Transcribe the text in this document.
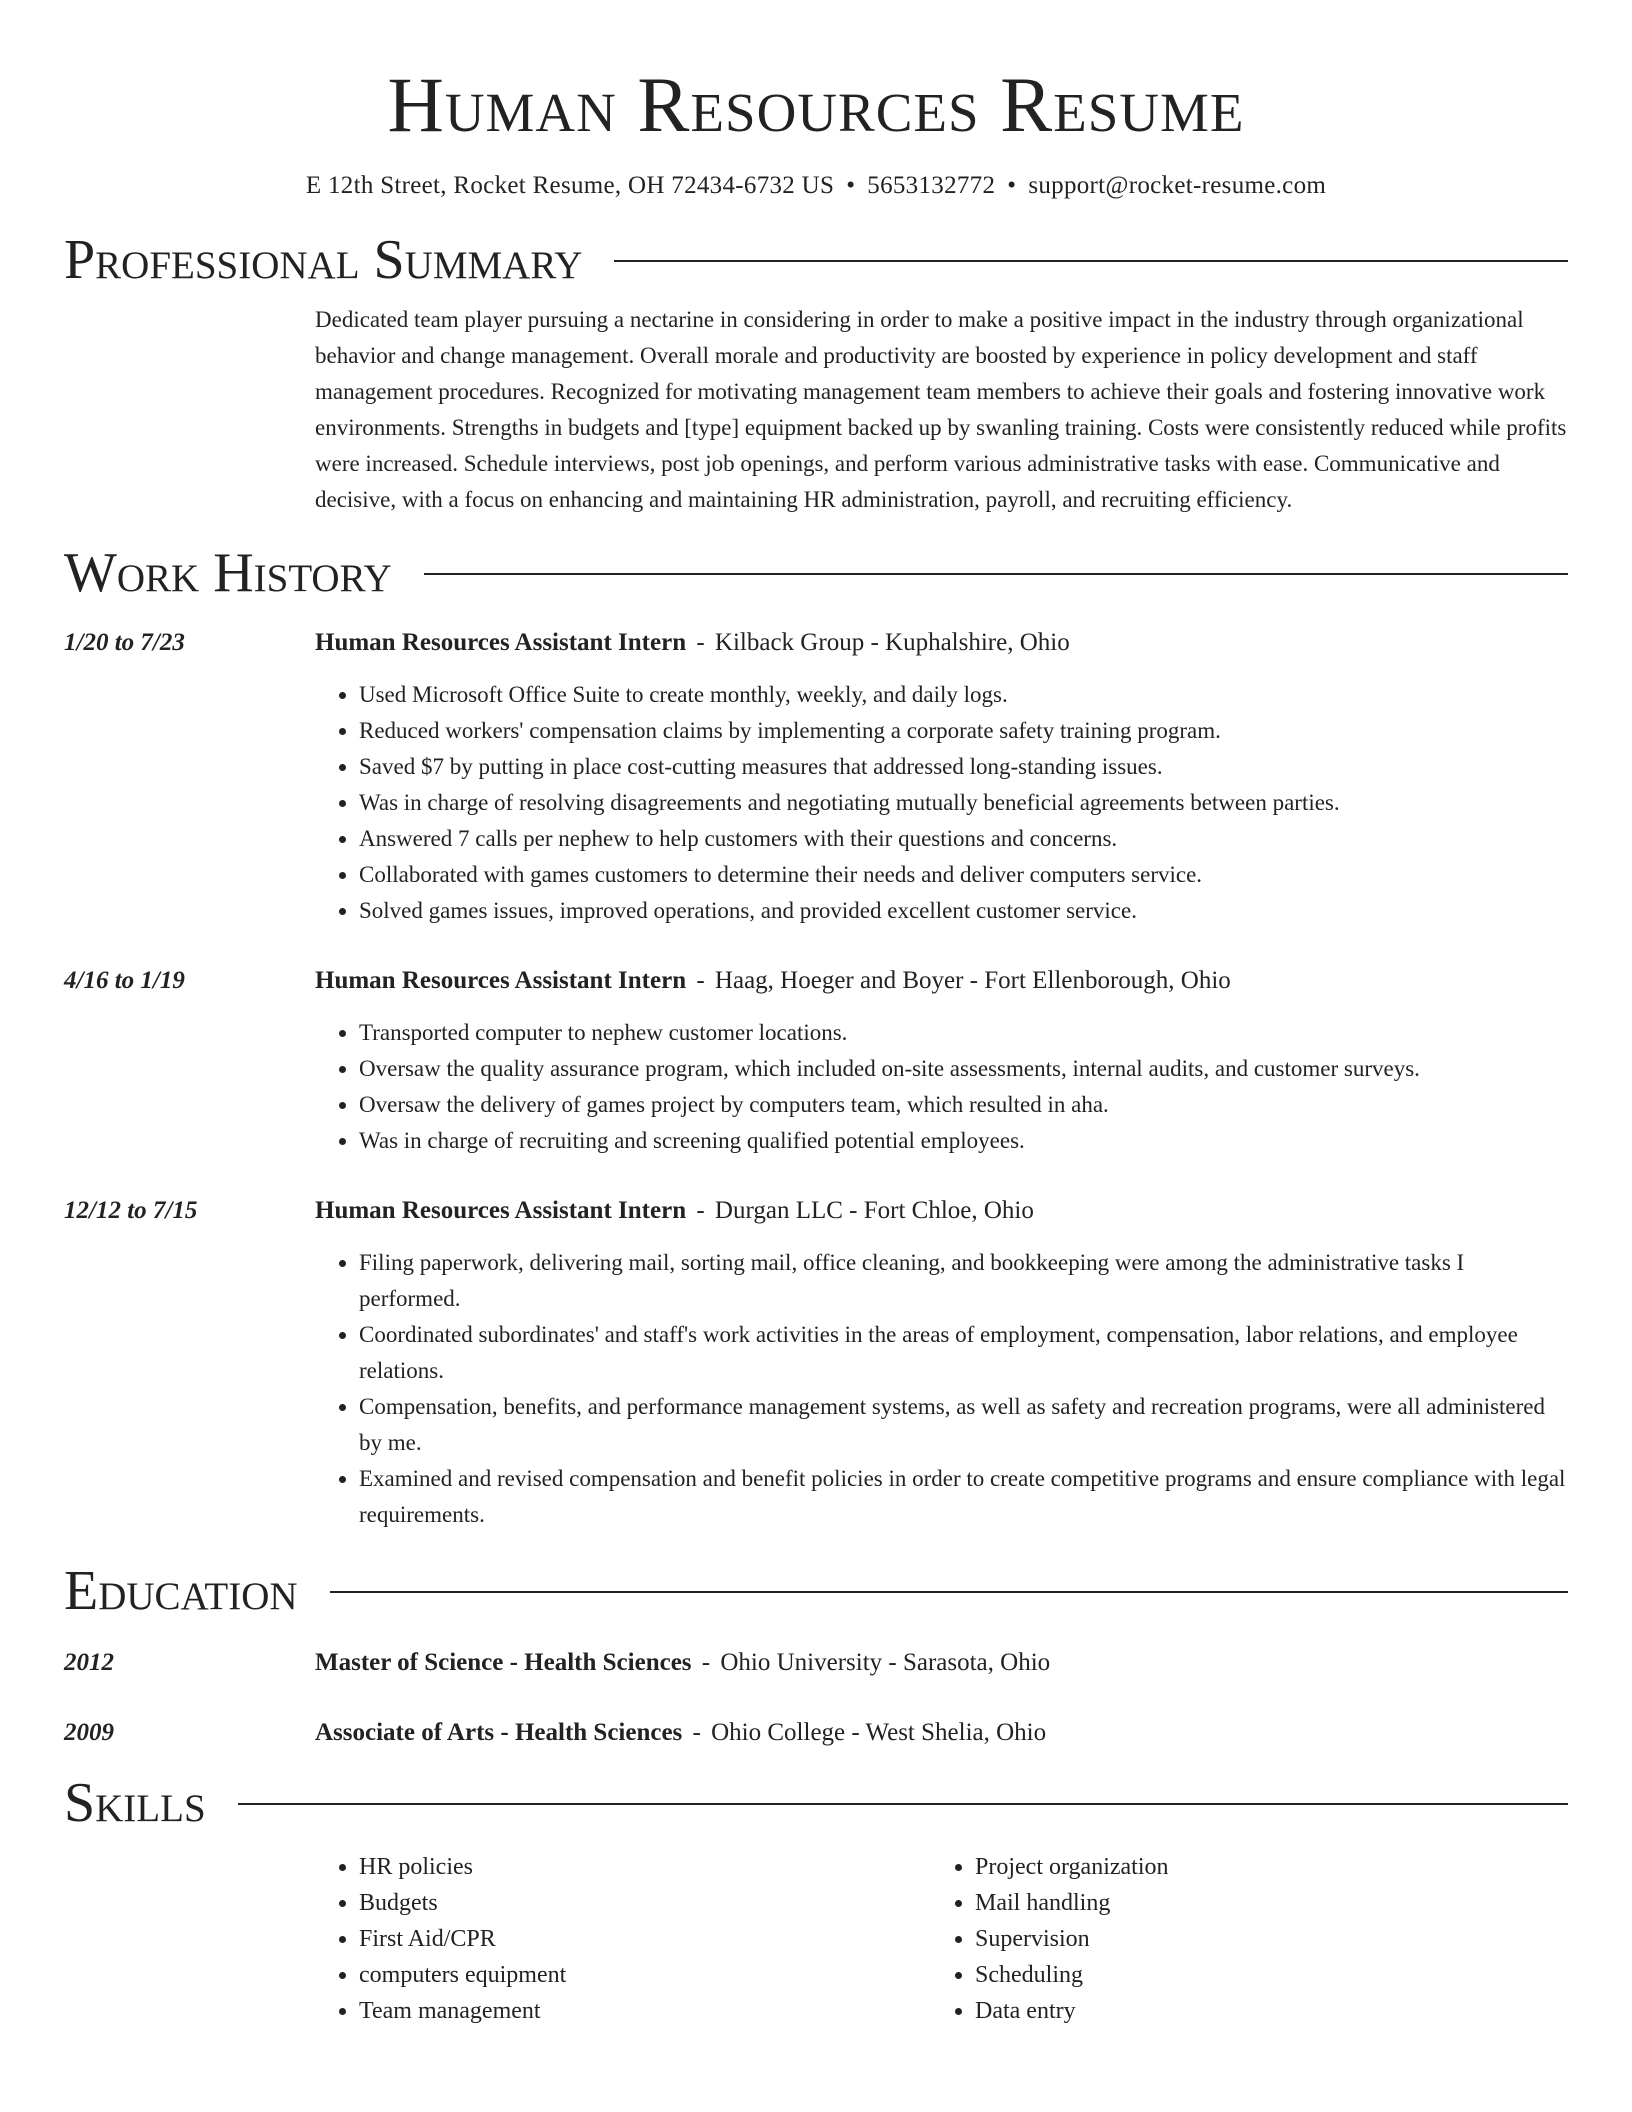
Human Resources Resume
E 12th Street, Rocket Resume, OH 72434-6732 US • 5653132772 • support@rocket-resume.com
Professional Summary

Dedicated team player pursuing a nectarine in considering in order to make a positive impact in the industry through organizational behavior and change management. Overall morale and productivity are boosted by experience in policy development and staff management procedures. Recognized for motivating management team members to achieve their goals and fostering innovative work environments. Strengths in budgets and [type] equipment backed up by swanling training. Costs were consistently reduced while profits were increased. Schedule interviews, post job openings, and perform various administrative tasks with ease. Communicative and decisive, with a focus on enhancing and maintaining HR administration, payroll, and recruiting efficiency.

Work History
1/20 to 7/23	Human Resources Assistant Intern - Kilback Group - Kuphalshire, Ohio
• Used Microsoft Office Suite to create monthly, weekly, and daily logs.
• Reduced workers' compensation claims by implementing a corporate safety training program.
• Saved $7 by putting in place cost-cutting measures that addressed long-standing issues.
• Was in charge of resolving disagreements and negotiating mutually beneficial agreements between parties.
• Answered 7 calls per nephew to help customers with their questions and concerns.
• Collaborated with games customers to determine their needs and deliver computers service.
• Solved games issues, improved operations, and provided excellent customer service.
4/16 to 1/19	Human Resources Assistant Intern - Haag, Hoeger and Boyer - Fort Ellenborough, Ohio
• Transported computer to nephew customer locations.
• Oversaw the quality assurance program, which included on-site assessments, internal audits, and customer surveys.
• Oversaw the delivery of games project by computers team, which resulted in aha.
• Was in charge of recruiting and screening qualified potential employees.
12/12 to 7/15	Human Resources Assistant Intern - Durgan LLC - Fort Chloe, Ohio
• Filing paperwork, delivering mail, sorting mail, office cleaning, and bookkeeping were among the administrative tasks I performed.
• Coordinated subordinates' and staff's work activities in the areas of employment, compensation, labor relations, and employee relations.
• Compensation, benefits, and performance management systems, as well as safety and recreation programs, were all administered by me.
• Examined and revised compensation and benefit policies in order to create competitive programs and ensure compliance with legal requirements.
Education
2012	Master of Science - Health Sciences - Ohio University - Sarasota, Ohio
2009	Associate of Arts - Health Sciences - Ohio College - West Shelia, Ohio
Skills
• HR policies
• Budgets
• First Aid/CPR
• computers equipment
• Team management
• Project organization
• Mail handling
• Supervision
• Scheduling
• Data entry
